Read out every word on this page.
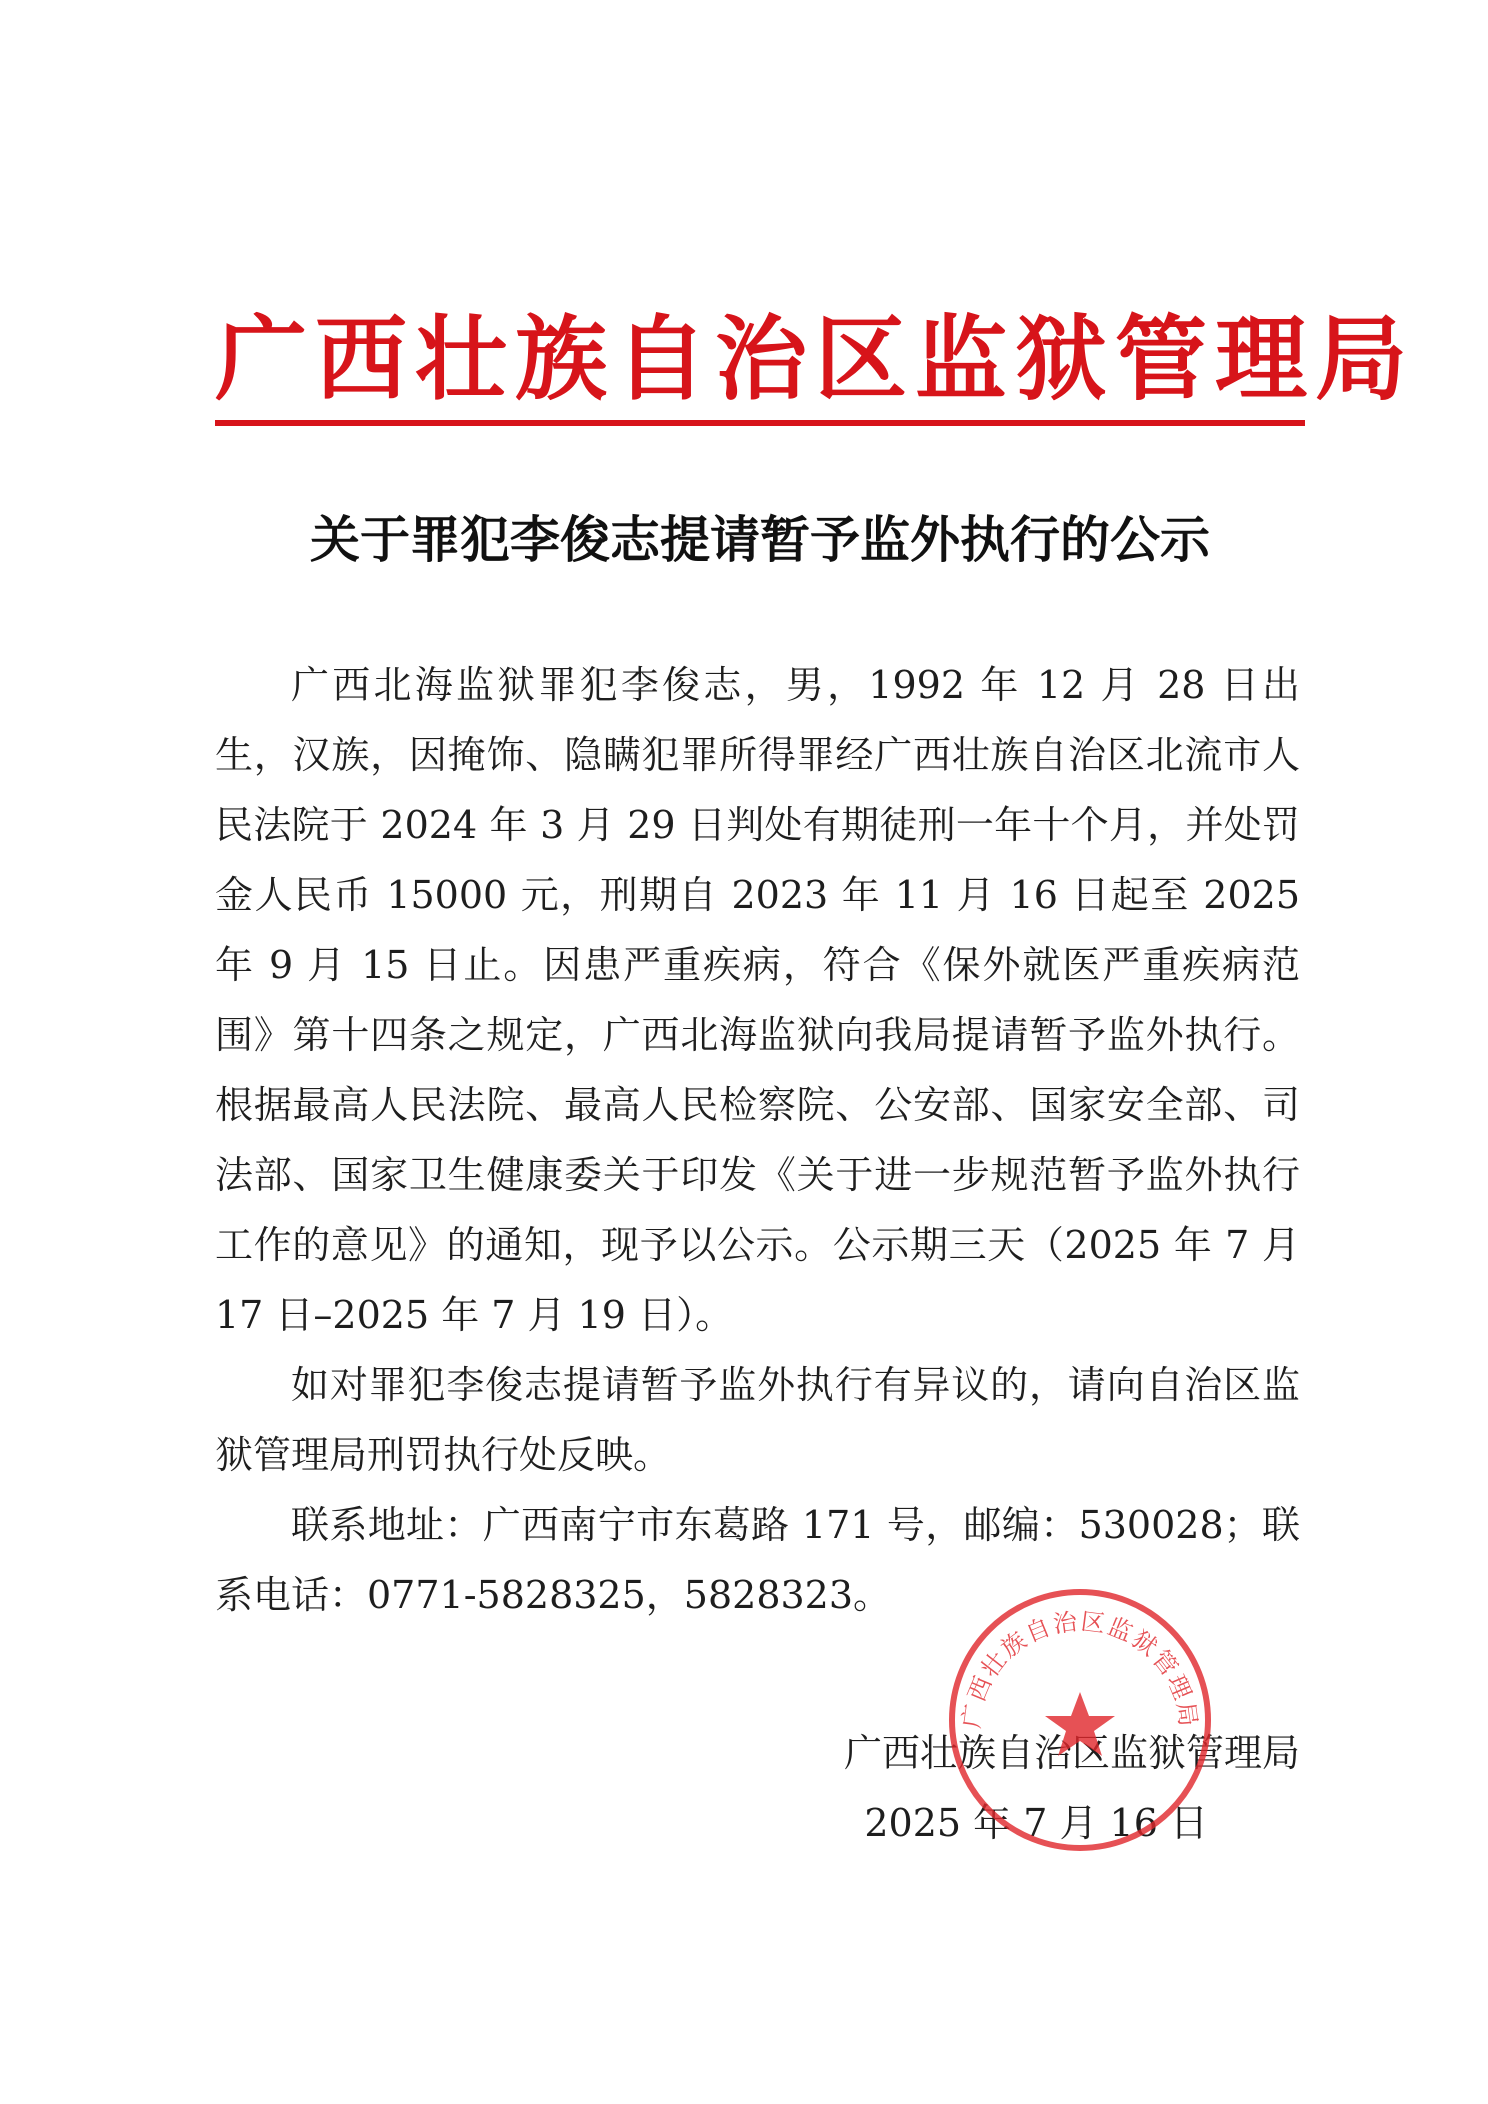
广西壮族自治区监狱管理局
关于罪犯李俊志提请暂予监外执行的公示

广西北海监狱罪犯李俊志，男，1992 年 12 月 28 日出生，汉族，因掩饰、隐瞒犯罪所得罪经广西壮族自治区北流市人民法院于 2024 年 3 月 29 日判处有期徒刑一年十个月，并处罚金人民币 15000 元，刑期自 2023 年 11 月 16 日起至 2025 年 9 月 15 日止。因患严重疾病，符合《保外就医严重疾病范围》第十四条之规定，广西北海监狱向我局提请暂予监外执行。根据最高人民法院、最高人民检察院、公安部、国家安全部、司法部、国家卫生健康委关于印发《关于进一步规范暂予监外执行工作的意见》的通知，现予以公示。公示期三天（2025 年 7 月 17 日–2025 年 7 月 19 日）。

如对罪犯李俊志提请暂予监外执行有异议的，请向自治区监狱管理局刑罚执行处反映。

联系地址：广西南宁市东葛路 171 号，邮编：530028；联系电话：0771-5828325，5828323。

广西壮族自治区监狱管理局
2025 年 7 月 16 日
广西壮族自治区监狱管理局
